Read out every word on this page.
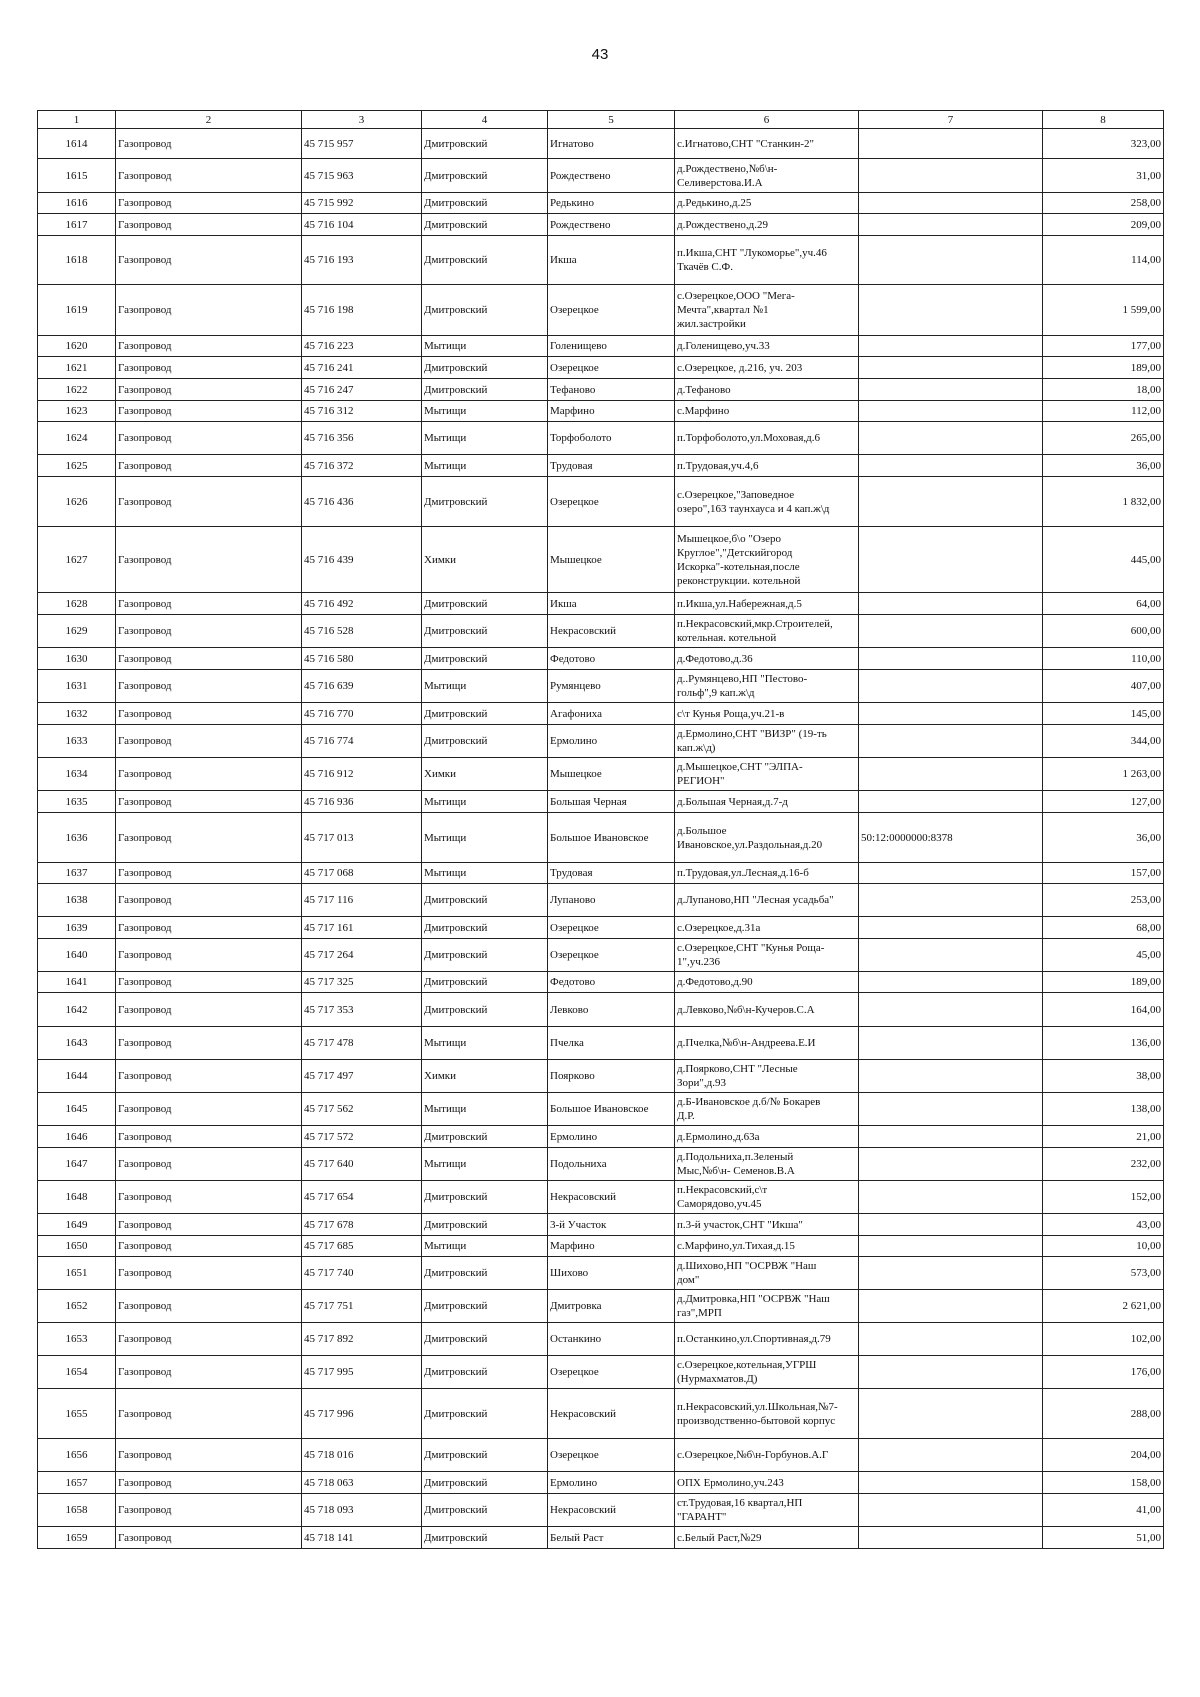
43
1	2	3	4	5	6	7	8
1614	Газопровод	45 715 957	Дмитровский	Игнатово	с.Игнатово,СНТ "Станкин-2"		323,00
1615	Газопровод	45 715 963	Дмитровский	Рождествено	д.Рождествено,№б\н-
Селиверстова.И.А		31,00
1616	Газопровод	45 715 992	Дмитровский	Редькино	д.Редькино,д.25		258,00
1617	Газопровод	45 716 104	Дмитровский	Рождествено	д.Рождествено,д.29		209,00
1618	Газопровод	45 716 193	Дмитровский	Икша	п.Икша,СНТ "Лукоморье",уч.46
Ткачёв С.Ф.		114,00
1619	Газопровод	45 716 198	Дмитровский	Озерецкое	с.Озерецкое,ООО "Мега-
Мечта",квартал №1
жил.застройки		1 599,00
1620	Газопровод	45 716 223	Мытищи	Голенищево	д.Голенищево,уч.33		177,00
1621	Газопровод	45 716 241	Дмитровский	Озерецкое	с.Озерецкое, д.216, уч. 203		189,00
1622	Газопровод	45 716 247	Дмитровский	Тефаново	д.Тефаново		18,00
1623	Газопровод	45 716 312	Мытищи	Марфино	с.Марфино		112,00
1624	Газопровод	45 716 356	Мытищи	Торфоболото	п.Торфоболото,ул.Моховая,д.6		265,00
1625	Газопровод	45 716 372	Мытищи	Трудовая	п.Трудовая,уч.4,6		36,00
1626	Газопровод	45 716 436	Дмитровский	Озерецкое	с.Озерецкое,"Заповедное
озеро",163 таунхауса и 4 кап.ж\д		1 832,00
1627	Газопровод	45 716 439	Химки	Мышецкое	Мышецкое,б\о "Озеро
Круглое","Детскийгород
Искорка"-котельная,после
реконструкции. котельной		445,00
1628	Газопровод	45 716 492	Дмитровский	Икша	п.Икша,ул.Набережная,д.5		64,00
1629	Газопровод	45 716 528	Дмитровский	Некрасовский	п.Некрасовский,мкр.Строителей,
котельная. котельной		600,00
1630	Газопровод	45 716 580	Дмитровский	Федотово	д.Федотово,д.36		110,00
1631	Газопровод	45 716 639	Мытищи	Румянцево	д..Румянцево,НП "Пестово-
гольф",9 кап.ж\д		407,00
1632	Газопровод	45 716 770	Дмитровский	Агафониха	с\т Кунья Роща,уч.21-в		145,00
1633	Газопровод	45 716 774	Дмитровский	Ермолино	д.Ермолино,СНТ "ВИЗР" (19-ть
кап.ж\д)		344,00
1634	Газопровод	45 716 912	Химки	Мышецкое	д.Мышецкое,СНТ "ЭЛПА-
РЕГИОН"		1 263,00
1635	Газопровод	45 716 936	Мытищи	Большая Черная	д.Большая Черная,д.7-д		127,00
1636	Газопровод	45 717 013	Мытищи	Большое Ивановское	д.Большое
Ивановское,ул.Раздольная,д.20	50:12:0000000:8378	36,00
1637	Газопровод	45 717 068	Мытищи	Трудовая	п.Трудовая,ул.Лесная,д.16-б		157,00
1638	Газопровод	45 717 116	Дмитровский	Лупаново	д.Лупаново,НП "Лесная усадьба"		253,00
1639	Газопровод	45 717 161	Дмитровский	Озерецкое	с.Озерецкое,д.31а		68,00
1640	Газопровод	45 717 264	Дмитровский	Озерецкое	с.Озерецкое,СНТ "Кунья Роща-
1",уч.236		45,00
1641	Газопровод	45 717 325	Дмитровский	Федотово	д.Федотово,д.90		189,00
1642	Газопровод	45 717 353	Дмитровский	Левково	д.Левково,№б\н-Кучеров.С.А		164,00
1643	Газопровод	45 717 478	Мытищи	Пчелка	д.Пчелка,№б\н-Андреева.Е.И		136,00
1644	Газопровод	45 717 497	Химки	Поярково	д.Поярково,СНТ "Лесные
Зори",д.93		38,00
1645	Газопровод	45 717 562	Мытищи	Большое Ивановское	д.Б-Ивановское д.б/№ Бокарев
Д.Р.		138,00
1646	Газопровод	45 717 572	Дмитровский	Ермолино	д.Ермолино,д.63а		21,00
1647	Газопровод	45 717 640	Мытищи	Подольниха	д.Подольниха,п.Зеленый
Мыс,№б\н- Семенов.В.А		232,00
1648	Газопровод	45 717 654	Дмитровский	Некрасовский	п.Некрасовский,с\т
Саморядово,уч.45		152,00
1649	Газопровод	45 717 678	Дмитровский	3-й Участок	п.3-й участок,СНТ "Икша"		43,00
1650	Газопровод	45 717 685	Мытищи	Марфино	с.Марфино,ул.Тихая,д.15		10,00
1651	Газопровод	45 717 740	Дмитровский	Шихово	д.Шихово,НП "ОСРВЖ "Наш
дом"		573,00
1652	Газопровод	45 717 751	Дмитровский	Дмитровка	д.Дмитровка,НП "ОСРВЖ "Наш
газ",МРП		2 621,00
1653	Газопровод	45 717 892	Дмитровский	Останкино	п.Останкино,ул.Спортивная,д.79		102,00
1654	Газопровод	45 717 995	Дмитровский	Озерецкое	с.Озерецкое,котельная,УГРШ
(Нурмахматов.Д)		176,00
1655	Газопровод	45 717 996	Дмитровский	Некрасовский	п.Некрасовский,ул.Школьная,№7-
производственно-бытовой корпус		288,00
1656	Газопровод	45 718 016	Дмитровский	Озерецкое	с.Озерецкое,№б\н-Горбунов.А.Г		204,00
1657	Газопровод	45 718 063	Дмитровский	Ермолино	ОПХ Ермолино,уч.243		158,00
1658	Газопровод	45 718 093	Дмитровский	Некрасовский	ст.Трудовая,16 квартал,НП
"ГАРАНТ"		41,00
1659	Газопровод	45 718 141	Дмитровский	Белый Раст	с.Белый Раст,№29		51,00
